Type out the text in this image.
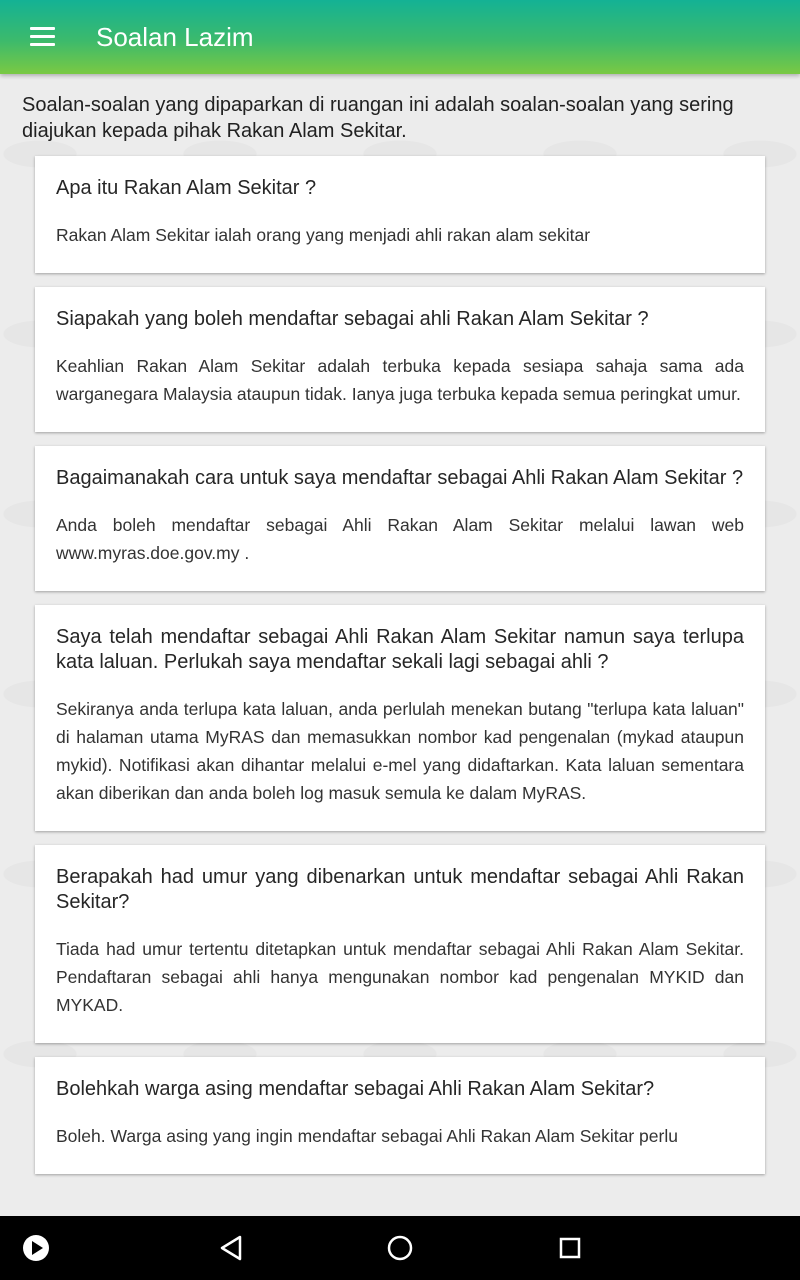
Soalan Lazim
Soalan-soalan yang dipaparkan di ruangan ini adalah soalan-soalan yang sering diajukan kepada pihak Rakan Alam Sekitar.
Apa itu Rakan Alam Sekitar ?
Rakan Alam Sekitar ialah orang yang menjadi ahli rakan alam sekitar
Siapakah yang boleh mendaftar sebagai ahli Rakan Alam Sekitar ?
Keahlian Rakan Alam Sekitar adalah terbuka kepada sesiapa sahaja sama ada warganegara Malaysia ataupun tidak. Ianya juga terbuka kepada semua peringkat umur.
Bagaimanakah cara untuk saya mendaftar sebagai Ahli Rakan Alam Sekitar ?
Anda boleh mendaftar sebagai Ahli Rakan Alam Sekitar melalui lawan web www.myras.doe.gov.my .
Saya telah mendaftar sebagai Ahli Rakan Alam Sekitar namun saya terlupa kata laluan. Perlukah saya mendaftar sekali lagi sebagai ahli ?
Sekiranya anda terlupa kata laluan, anda perlulah menekan butang "terlupa kata laluan" di halaman utama MyRAS dan memasukkan nombor kad pengenalan (mykad ataupun mykid). Notifikasi akan dihantar melalui e-mel yang didaftarkan. Kata laluan sementara akan diberikan dan anda boleh log masuk semula ke dalam MyRAS.
Berapakah had umur yang dibenarkan untuk mendaftar sebagai Ahli Rakan Sekitar?
Tiada had umur tertentu ditetapkan untuk mendaftar sebagai Ahli Rakan Alam Sekitar. Pendaftaran sebagai ahli hanya mengunakan nombor kad pengenalan MYKID dan MYKAD.
Bolehkah warga asing mendaftar sebagai Ahli Rakan Alam Sekitar?
Boleh. Warga asing yang ingin mendaftar sebagai Ahli Rakan Alam Sekitar perlu
